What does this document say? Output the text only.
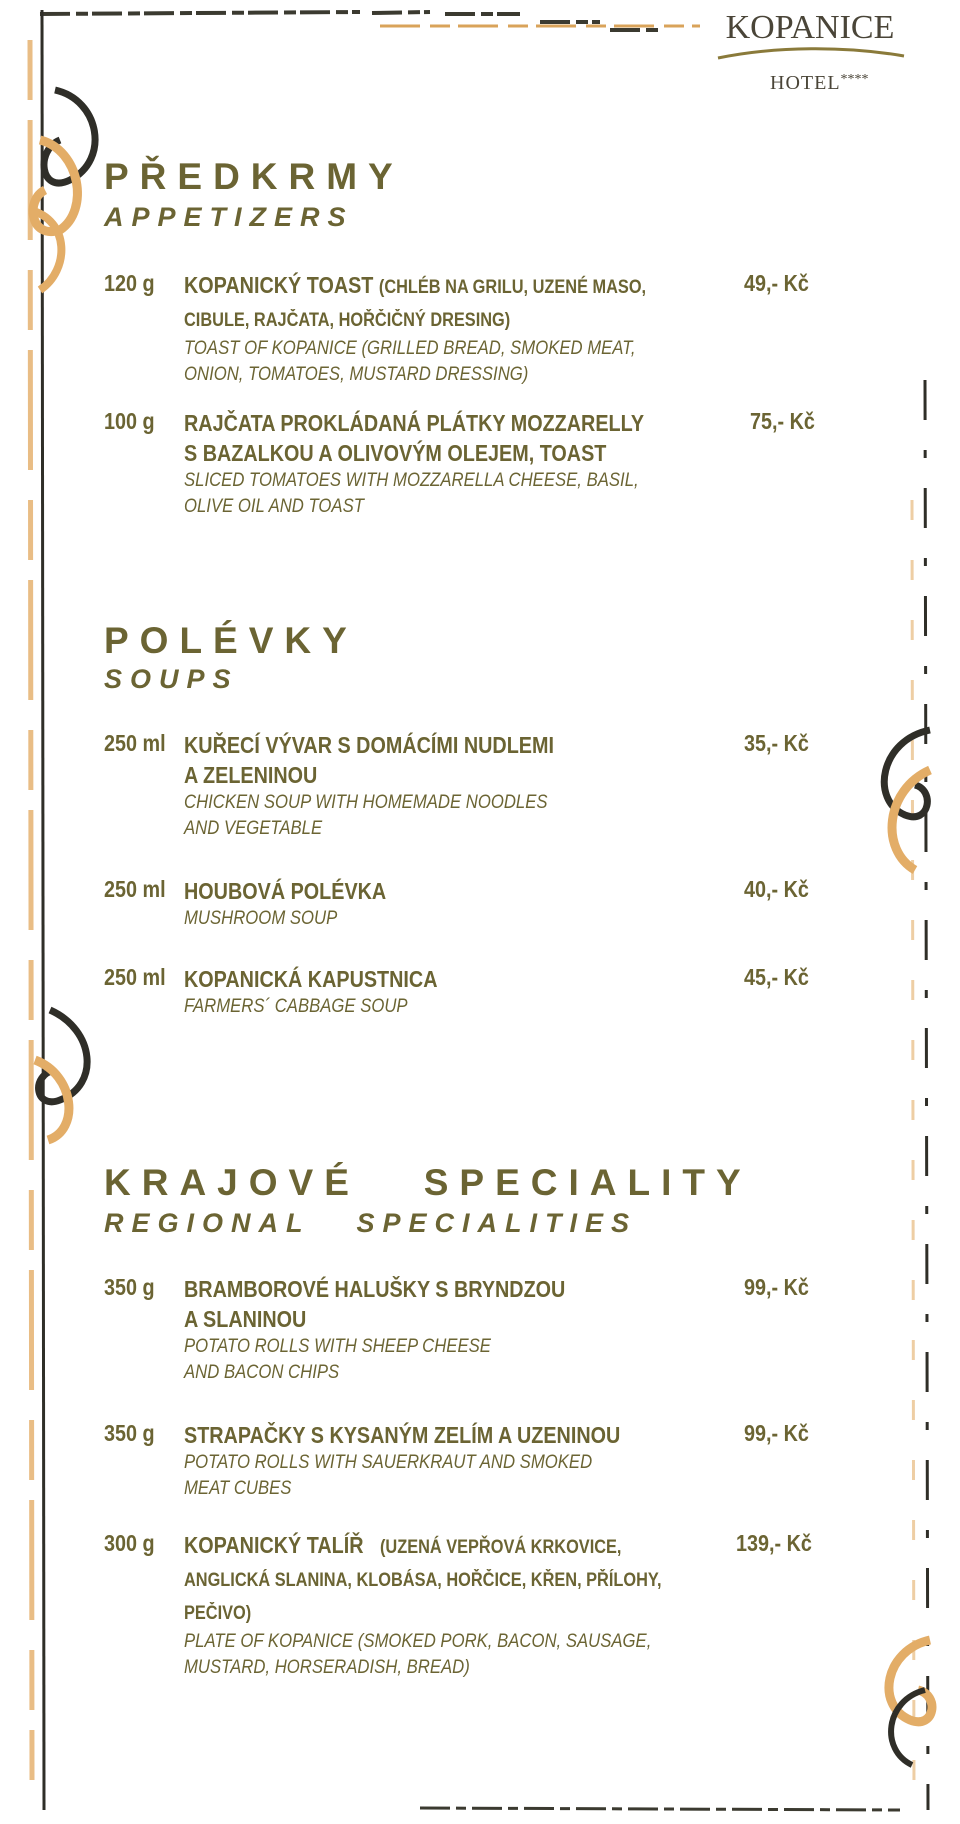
KOPANICE
HOTEL****
PŘEDKRMY
APPETIZERS
120 g KOPANICKÝ TOAST (CHLÉB NA GRILU, UZENÉ MASO,
CIBULE, RAJČATA, HOŘČIČNÝ DRESING)
TOAST OF KOPANICE (GRILLED BREAD, SMOKED MEAT,
ONION, TOMATOES, MUSTARD DRESSING)
49,- Kč
100 g RAJČATA PROKLÁDANÁ PLÁTKY MOZZARELLY
S BAZALKOU A OLIVOVÝM OLEJEM, TOAST
SLICED TOMATOES WITH MOZZARELLA CHEESE, BASIL,
OLIVE OIL AND TOAST
75,- Kč
POLÉVKY
SOUPS
250 ml KUŘECÍ VÝVAR S DOMÁCÍMI NUDLEMI
A ZELENINOU
CHICKEN SOUP WITH HOMEMADE NOODLES
AND VEGETABLE
35,- Kč
250 ml HOUBOVÁ POLÉVKA
MUSHROOM SOUP
40,- Kč
250 ml KOPANICKÁ KAPUSTNICA
FARMERS´ CABBAGE SOUP
45,- Kč
KRAJOVÉ   SPECIALITY
REGIONAL   SPECIALITIES
350 g BRAMBOROVÉ HALUŠKY S BRYNDZOU
A SLANINOU
POTATO ROLLS WITH SHEEP CHEESE
AND BACON CHIPS
99,- Kč
350 g STRAPAČKY S KYSANÝM ZELÍM A UZENINOU
POTATO ROLLS WITH SAUERKRAUT AND SMOKED
MEAT CUBES
99,- Kč
300 g KOPANICKÝ TALÍŘ (UZENÁ VEPŘOVÁ KRKOVICE,
ANGLICKÁ SLANINA, KLOBÁSA, HOŘČICE, KŘEN, PŘÍLOHY,
PEČIVO)
PLATE OF KOPANICE (SMOKED PORK, BACON, SAUSAGE,
MUSTARD, HORSERADISH, BREAD)
139,- Kč
